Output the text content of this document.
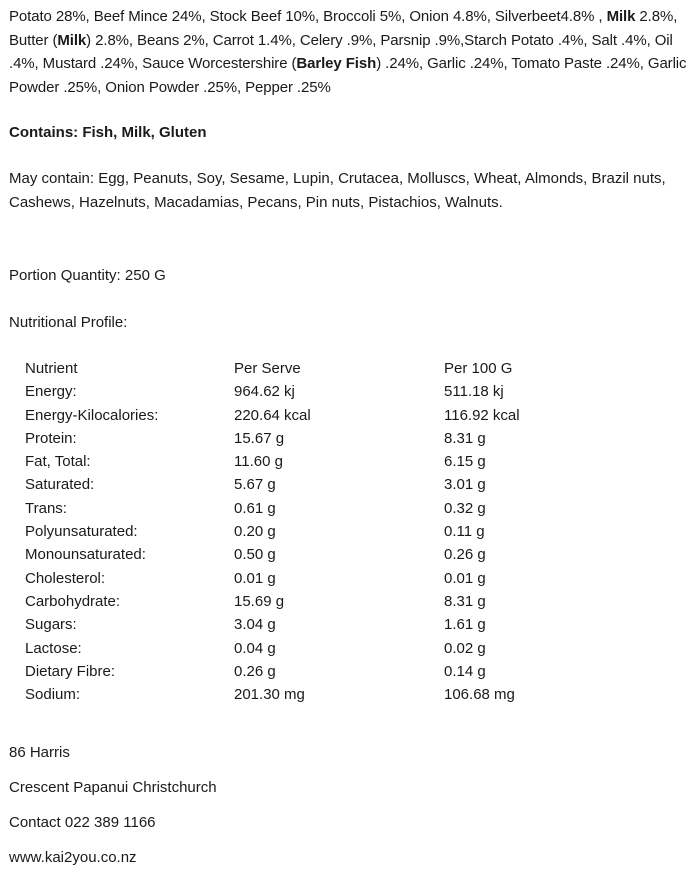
Potato 28%, Beef Mince 24%, Stock Beef 10%, Broccoli 5%, Onion 4.8%, Silverbeet4.8% , Milk 2.8%, Butter (Milk) 2.8%, Beans 2%, Carrot 1.4%, Celery .9%, Parsnip .9%,Starch Potato .4%, Salt .4%, Oil .4%, Mustard .24%, Sauce Worcestershire (Barley Fish) .24%, Garlic .24%, Tomato Paste .24%, Garlic Powder .25%, Onion Powder .25%, Pepper .25%

Contains: Fish, Milk, Gluten

May contain: Egg, Peanuts, Soy, Sesame, Lupin, Crutacea, Molluscs, Wheat, Almonds, Brazil nuts, Cashews, Hazelnuts, Macadamias, Pecans, Pin nuts, Pistachios, Walnuts.

Portion Quantity: 250 G

Nutritional Profile:

Nutrient	Per Serve	Per 100 G
Energy:	964.62 kj	511.18 kj
Energy-Kilocalories:	220.64 kcal	116.92 kcal
Protein:	15.67 g	8.31 g
Fat, Total:	11.60 g	6.15 g
Saturated:	5.67 g	3.01 g
Trans:	0.61 g	0.32 g
Polyunsaturated:	0.20 g	0.11 g
Monounsaturated:	0.50 g	0.26 g
Cholesterol:	0.01 g	0.01 g
Carbohydrate:	15.69 g	8.31 g
Sugars:	3.04 g	1.61 g
Lactose:	0.04 g	0.02 g
Dietary Fibre:	0.26 g	0.14 g
Sodium:	201.30 mg	106.68 mg

86 Harris

Crescent Papanui Christchurch

Contact 022 389 1166

www.kai2you.co.nz
